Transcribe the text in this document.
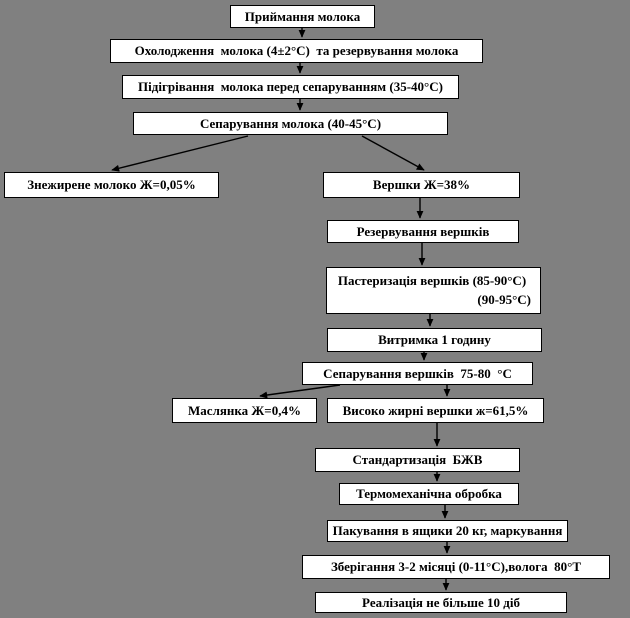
Приймання молока
Охолодження  молока (4±2°С)  та резервування молока
Підігрівання  молока перед сепаруванням (35-40°С)
Сепарування молока (40-45°С)
Знежирене молоко Ж=0,05%	Вершки Ж=38%
Резервування вершків
Пастеризація вершків (85-90°С)
(90-95°С)
Витримка 1 годину
Сепарування вершків  75-80  °С
Маслянка Ж=0,4%	Високо жирні вершки ж=61,5%
Стандартизація  БЖВ
Термомеханічна обробка
Пакування в ящики 20 кг, маркування
Зберігання 3-2 місяці (0-11°С),волога  80°Т
Реалізація не більше 10 діб
